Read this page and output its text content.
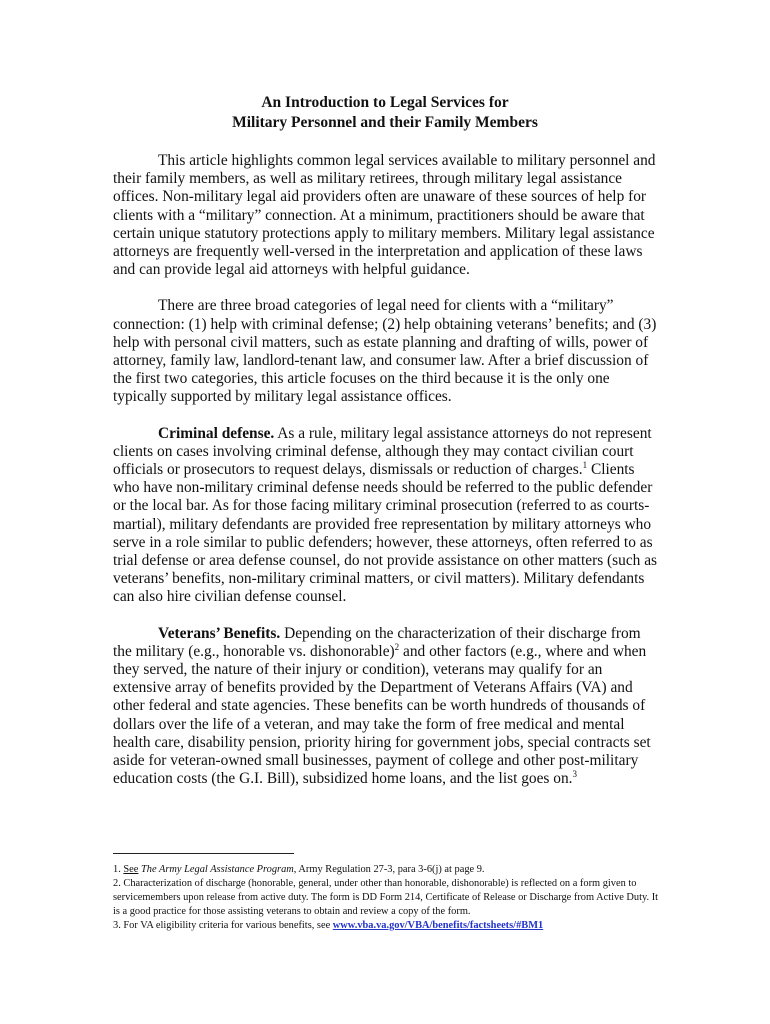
An Introduction to Legal Services for
Military Personnel and their Family Members

This article highlights common legal services available to military personnel and their family members, as well as military retirees, through military legal assistance offices. Non-military legal aid providers often are unaware of these sources of help for clients with a “military” connection. At a minimum, practitioners should be aware that certain unique statutory protections apply to military members. Military legal assistance attorneys are frequently well-versed in the interpretation and application of these laws and can provide legal aid attorneys with helpful guidance.

There are three broad categories of legal need for clients with a “military” connection: (1) help with criminal defense; (2) help obtaining veterans’ benefits; and (3) help with personal civil matters, such as estate planning and drafting of wills, power of attorney, family law, landlord-tenant law, and consumer law. After a brief discussion of the first two categories, this article focuses on the third because it is the only one typically supported by military legal assistance offices.

Criminal defense. As a rule, military legal assistance attorneys do not represent clients on cases involving criminal defense, although they may contact civilian court officials or prosecutors to request delays, dismissals or reduction of charges.$^1$ Clients who have non-military criminal defense needs should be referred to the public defender or the local bar. As for those facing military criminal prosecution (referred to as courts-martial), military defendants are provided free representation by military attorneys who serve in a role similar to public defenders; however, these attorneys, often referred to as trial defense or area defense counsel, do not provide assistance on other matters (such as veterans’ benefits, non-military criminal matters, or civil matters). Military defendants can also hire civilian defense counsel.

Veterans’ Benefits. Depending on the characterization of their discharge from the military (e.g., honorable vs. dishonorable)$^2$ and other factors (e.g., where and when they served, the nature of their injury or condition), veterans may qualify for an extensive array of benefits provided by the Department of Veterans Affairs (VA) and other federal and state agencies. These benefits can be worth hundreds of thousands of dollars over the life of a veteran, and may take the form of free medical and mental health care, disability pension, priority hiring for government jobs, special contracts set aside for veteran-owned small businesses, payment of college and other post-military education costs (the G.I. Bill), subsidized home loans, and the list goes on.$^3$

1. See The Army Legal Assistance Program, Army Regulation 27-3, para 3-6(j) at page 9.

2. Characterization of discharge (honorable, general, under other than honorable, dishonorable) is reflected on a form given to servicemembers upon release from active duty. The form is DD Form 214, Certificate of Release or Discharge from Active Duty. It is a good practice for those assisting veterans to obtain and review a copy of the form.

3. For VA eligibility criteria for various benefits, see www.vba.va.gov/VBA/benefits/factsheets/#BM1
